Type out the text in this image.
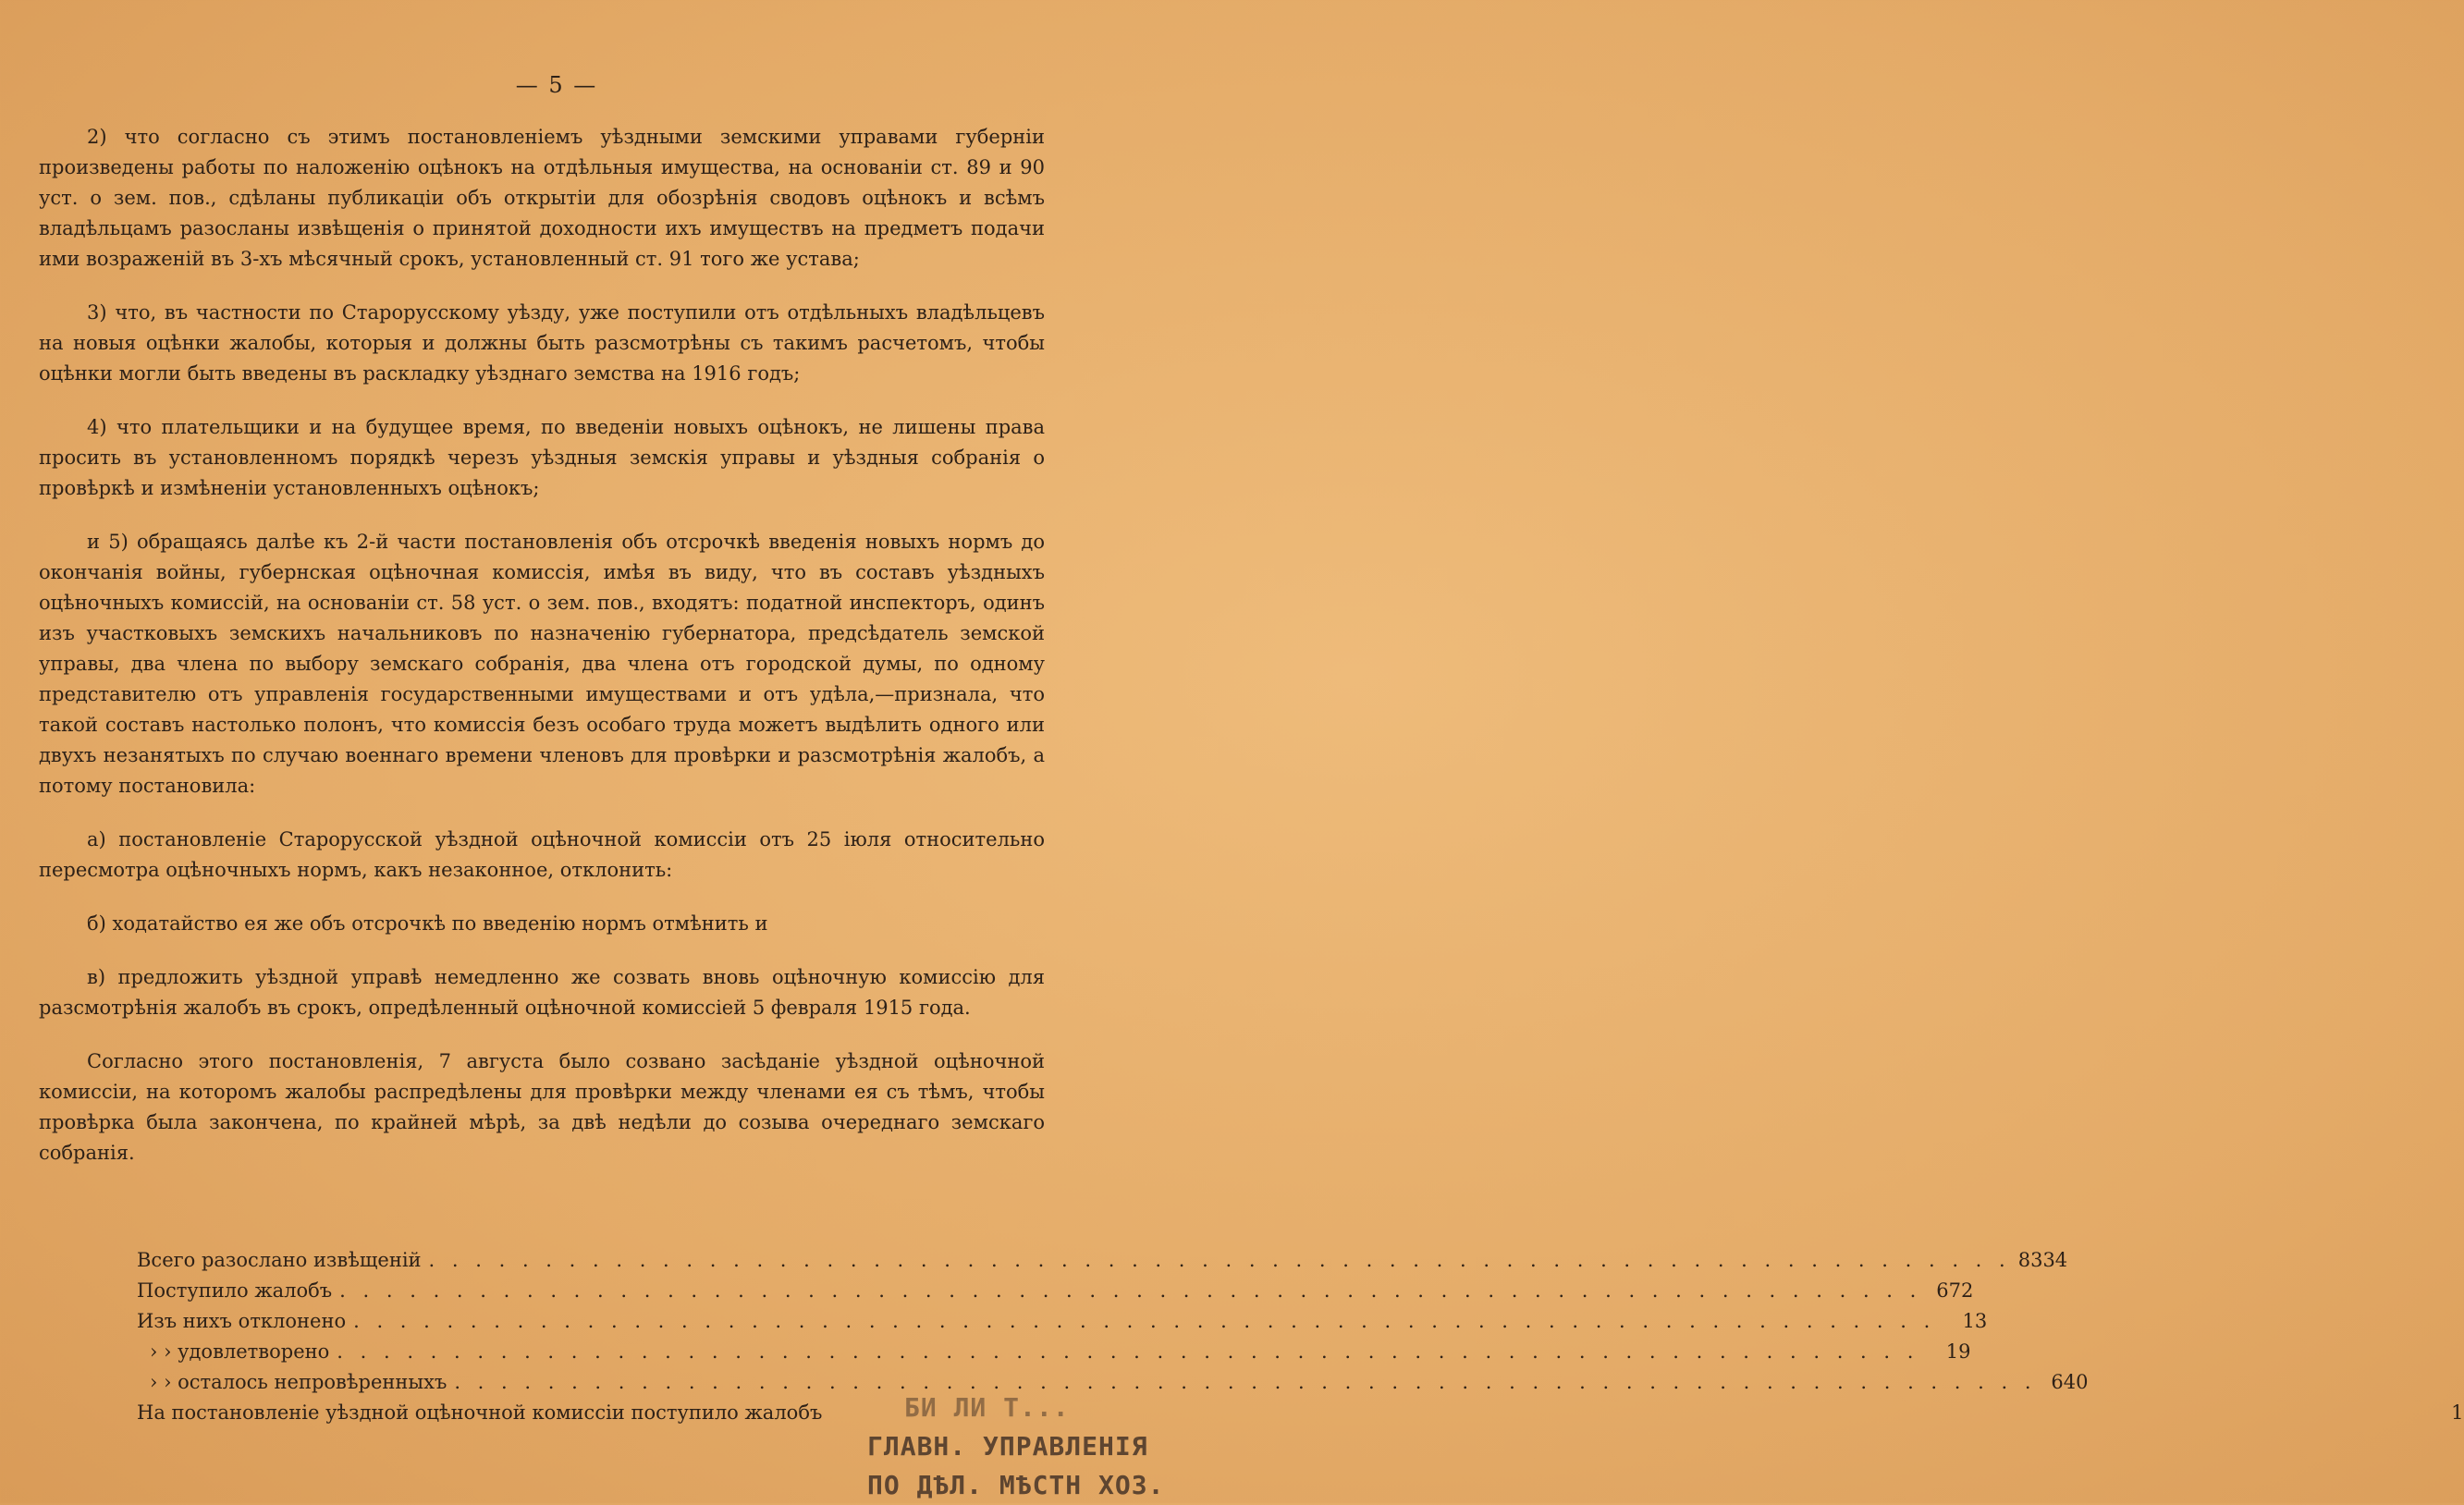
— 5 —

2) что согласно съ этимъ постановленіемъ уѣздными земскими управами губерніи произведены работы по наложенію оцѣнокъ на отдѣльныя имущества, на основаніи ст. 89 и 90 уст. о зем. пов., сдѣланы публикаціи объ открытіи для обозрѣнія сводовъ оцѣнокъ и всѣмъ владѣльцамъ разосланы извѣщенія о принятой доходности ихъ имуществъ на предметъ подачи ими возраженій въ 3-хъ мѣсячный срокъ, установленный ст. 91 того же устава;

3) что, въ частности по Старорусскому уѣзду, уже поступили отъ отдѣльныхъ владѣльцевъ на новыя оцѣнки жалобы, которыя и должны быть разсмотрѣны съ такимъ расчетомъ, чтобы оцѣнки могли быть введены въ раскладку уѣзднаго земства на 1916 годъ;

4) что плательщики и на будущее время, по введеніи новыхъ оцѣнокъ, не лишены права просить въ установленномъ порядкѣ черезъ уѣздныя земскія управы и уѣздныя собранія о провѣркѣ и измѣненіи установленныхъ оцѣнокъ;

и 5) обращаясь далѣе къ 2-й части постановленія объ отсрочкѣ введенія новыхъ нормъ до окончанія войны, губернская оцѣночная комиссія, имѣя въ виду, что въ составъ уѣздныхъ оцѣночныхъ комиссій, на основаніи ст. 58 уст. о зем. пов., входятъ: податной инспекторъ, одинъ изъ участковыхъ земскихъ начальниковъ по назначенію губернатора, предсѣдатель земской управы, два члена по выбору земскаго собранія, два члена отъ городской думы, по одному представителю отъ управленія государственными имуществами и отъ удѣла,—признала, что такой составъ настолько полонъ, что комиссія безъ особаго труда можетъ выдѣлить одного или двухъ незанятыхъ по случаю военнаго времени членовъ для провѣрки и разсмотрѣнія жалобъ, а потому постановила:

а) постановленіе Старорусской уѣздной оцѣночной комиссіи отъ 25 іюля относительно пересмотра оцѣночныхъ нормъ, какъ незаконное, отклонить:

б) ходатайство ея же объ отсрочкѣ по введенію нормъ отмѣнить и

в) предложить уѣздной управѣ немедленно же созвать вновь оцѣночную комиссію для разсмотрѣнія жалобъ въ срокъ, опредѣленный оцѣночной комиссіей 5 февраля 1915 года.

Согласно этого постановленія, 7 августа было созвано засѣданіе уѣздной оцѣночной комиссіи, на которомъ жалобы распредѣлены для провѣрки между членами ея съ тѣмъ, чтобы провѣрка была закончена, по крайней мѣрѣ, за двѣ недѣли до созыва очереднаго земскаго собранія.

Всего разослано извѣщеній . . .	8334
Поступило жалобъ . . .	672
Изъ нихъ отклонено . . .	13
› › удовлетворено . . .	19
› › осталось непровѣренныхъ . . .	640
На постановленіе уѣздной оцѣночной комиссіи поступило жалобъ	1
БИ ЛИ Т...
ГЛАВН. УПРАВЛЕНІЯ
ПО ДѢЛ. МѢСТН ХОЗ.
